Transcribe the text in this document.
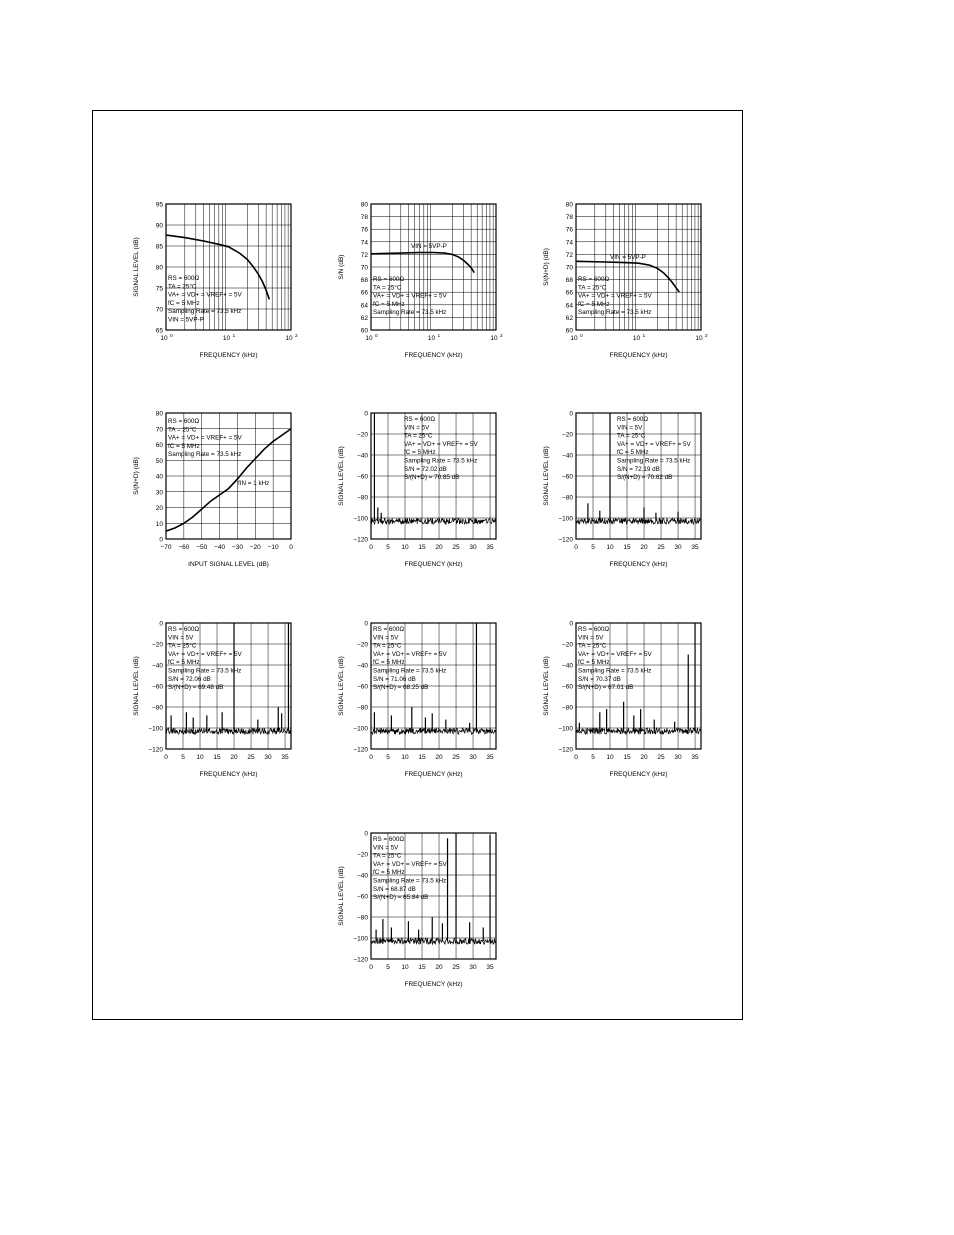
65
70
75
80
85
90
95
10 0	10 1	10 2
FREQUENCY (kHz)
SIGNAL LEVEL (dB)	RS = 600Ω
TA = 25°C
VA+ = VD+ = VREF+ = 5V
fC = 5 MHz
Sampling Rate = 73.5 kHz
VIN = 5VP-P
60
62
64
66
68
70
72
74
76
78
80
10 0	10 1	10 2
FREQUENCY (kHz)
S/N (dB)
VIN = 5VP-P
RS = 600Ω
TA = 25°C
VA+ = VD+ = VREF+ = 5V
fC = 5 MHz
Sampling Rate = 73.5 kHz
60
62
64
66
68
70
72
74
76
78
80
10 0	10 1	10 2
FREQUENCY (kHz)
S/(N+D) (dB)	VIN = 5VP-P
RS = 600Ω
TA = 25°C
VA+ = VD+ = VREF+ = 5V
fC = 5 MHz
Sampling Rate = 73.5 kHz
0
10
20
30
40
50
60
70
80
−70 −60 −50 −40 −30 −20 −10 0
INPUT SIGNAL LEVEL (dB)
S/(N+D) (dB)
RS = 600Ω
TA = 25°C
VA+ = VD+ = VREF+ = 5V
fC = 5 MHz
Sampling Rate = 73.5 kHz
fIN = 1 kHz
0
−20
−40
−60
−80
−100
−120
0 5 10 15 20 25 30 35
FREQUENCY (kHz)
SIGNAL LEVEL (dB)
RS = 600Ω
VIN = 5V
TA = 25°C
VA+ = VD+ = VREF+ = 5V
fC = 5 MHz
Sampling Rate = 73.5 kHz
S/N = 72.02 dB
S/(N+D) = 70.85 dB
0
−20
−40
−60
−80
−100
−120
0 5 10 15 20 25 30 35
FREQUENCY (kHz)
SIGNAL LEVEL (dB)
RS = 600Ω
VIN = 5V
TA = 25°C
VA+ = VD+ = VREF+ = 5V
fC = 5 MHz
Sampling Rate = 73.5 kHz
S/N = 72.19 dB
S/(N+D) = 70.62 dB
0
−20
−40
−60
−80
−100
−120
0 5 10 15 20 25 30 35
FREQUENCY (kHz)
SIGNAL LEVEL (dB)
RS = 600Ω
VIN = 5V
TA = 25°C
VA+ = VD+ = VREF+ = 5V
fC = 5 MHz
Sampling Rate = 73.5 kHz
S/N = 72.06 dB
S/(N+D) = 69.48 dB
0
−20
−40
−60
−80
−100
−120
0 5 10 15 20 25 30 35
FREQUENCY (kHz)
SIGNAL LEVEL (dB)
RS = 600Ω
VIN = 5V
TA = 25°C
VA+ = VD+ = VREF+ = 5V
fC = 5 MHz
Sampling Rate = 73.5 kHz
S/N = 71.06 dB
S/(N+D) = 68.25 dB
0
−20
−40
−60
−80
−100
−120
0 5 10 15 20 25 30 35
FREQUENCY (kHz)
SIGNAL LEVEL (dB)
RS = 600Ω
VIN = 5V
TA = 25°C
VA+ = VD+ = VREF+ = 5V
fC = 5 MHz
Sampling Rate = 73.5 kHz
S/N = 70.37 dB
S/(N+D) = 67.01 dB
0
−20
−40
−60
−80
−100
−120
0 5 10 15 20 25 30 35
FREQUENCY (kHz)
SIGNAL LEVEL (dB)
RS = 600Ω
VIN = 5V
TA = 25°C
VA+ = VD+ = VREF+ = 5V
fC = 5 MHz
Sampling Rate = 73.5 kHz
S/N = 68.87 dB
S/(N+D) = 65.84 dB
